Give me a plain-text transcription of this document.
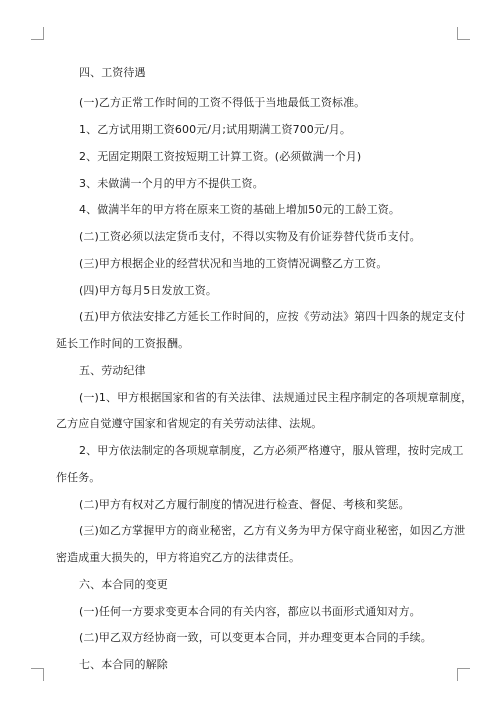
四、工资待遇
(一)乙方正常工作时间的工资不得低于当地最低工资标准。
1、乙方试用期工资600元/月;试用期满工资700元/月。
2、无固定期限工资按短期工计算工资。(必须做满一个月)
3、未做满一个月的甲方不提供工资。
4、做满半年的甲方将在原来工资的基础上增加50元的工龄工资。
(二)工资必须以法定货币支付，不得以实物及有价证券替代货币支付。
(三)甲方根据企业的经营状况和当地的工资情况调整乙方工资。
(四)甲方每月5日发放工资。
(五)甲方依法安排乙方延长工作时间的，应按《劳动法》第四十四条的规定支付
延长工作时间的工资报酬。
五、劳动纪律
(一)1、甲方根据国家和省的有关法律、法规通过民主程序制定的各项规章制度，
乙方应自觉遵守国家和省规定的有关劳动法律、法规。
2、甲方依法制定的各项规章制度，乙方必须严格遵守，服从管理，按时完成工
作任务。
(二)甲方有权对乙方履行制度的情况进行检查、督促、考核和奖惩。
(三)如乙方掌握甲方的商业秘密，乙方有义务为甲方保守商业秘密，如因乙方泄
密造成重大损失的，甲方将追究乙方的法律责任。
六、本合同的变更
(一)任何一方要求变更本合同的有关内容，都应以书面形式通知对方。
(二)甲乙双方经协商一致，可以变更本合同，并办理变更本合同的手续。
七、本合同的解除
